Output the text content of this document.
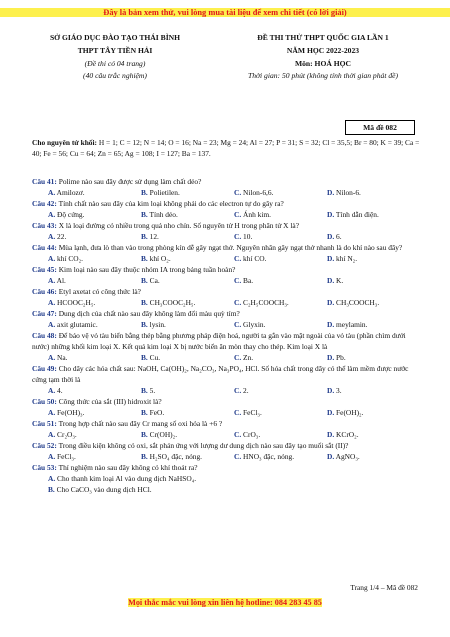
Đây là bản xem thử, vui lòng mua tài liệu để xem chi tiết (có lời giải)
SỞ GIÁO DỤC ĐÀO TẠO THÁI BÌNH
THPT TÂY TIỀN HẢI
(Đề thi có 04 trang)
(40 câu trắc nghiệm)
ĐỀ THI THỬ THPT QUỐC GIA LẦN 1
NĂM HỌC 2022-2023
Môn: HOÁ HỌC
Thời gian: 50 phút (không tính thời gian phát đề)
Mã đề 082
Cho nguyên tử khối: H = 1; C = 12; N = 14; O = 16; Na = 23; Mg = 24; Al = 27; P = 31; S = 32; Cl = 35,5; Br = 80; K = 39; Ca = 40; Fe = 56; Cu = 64; Zn = 65; Ag = 108; I = 127; Ba = 137.
Câu 41: Polime nào sau đây được sử dụng làm chất dẻo?
A. Amilozơ.	B. Polietilen.	C. Nilon-6,6.	D. Nilon-6.
Câu 42: Tính chất nào sau đây của kim loại không phải do các electron tự do gây ra?
A. Độ cứng.	B. Tính dẻo.	C. Ánh kim.	D. Tính dẫn điện.
Câu 43: X là loại đường có nhiều trong quả nho chín. Số nguyên tử H trong phân tử X là?
A. 22.	B. 12.	C. 10.	D. 6.
Câu 44: Mùa lạnh, đưa lò than vào trong phòng kín dễ gây ngạt thở. Nguyên nhân gây ngạt thở nhanh là do khí nào sau đây?
A. khí CO₂.	B. khí O₂.	C. khí CO.	D. khí N₂.
Câu 45: Kim loại nào sau đây thuộc nhóm IA trong bảng tuần hoàn?
A. Al.	B. Ca.	C. Ba.	D. K.
Câu 46: Etyl axetat có công thức là?
A. HCOOC₂H₅.	B. CH₃COOC₂H₅.	C. C₂H₅COOCH₃.	D. CH₃COOCH₃.
Câu 47: Dung dịch của chất nào sau đây không làm đổi màu quỳ tím?
A. axit glutamic.	B. lysin.	C. Glyxin.	D. meylamin.
Câu 48: Để bảo vệ vỏ tàu biển bằng thép bằng phương pháp điện hoá, người ta gắn vào mặt ngoài của vỏ tàu (phần chìm dưới nước) những khối kim loại X. Kết quả kim loại X bị nước biển ăn mòn thay cho thép. Kim loại X là
A. Na.	B. Cu.	C. Zn.	D. Pb.
Câu 49: Cho dãy các hóa chất sau: NaOH, Ca(OH)₂, Na₂CO₃, Na₃PO₄, HCl. Số hóa chất trong dãy có thể làm mềm được nước cứng tạm thời là
A. 4.	B. 5.	C. 2.	D. 3.
Câu 50: Công thức của sắt (III) hidroxit là?
A. Fe(OH)₃.	B. FeO.	C. FeCl₃.	D. Fe(OH)₂.
Câu 51: Trong hợp chất nào sau đây Cr mang số oxi hóa là +6 ?
A. Cr₂O₃.	B. Cr(OH)₂.	C. CrO₃.	D. KCrO₂.
Câu 52: Trong điều kiện không có oxi, sắt phản ứng với lượng dư dung dịch nào sau đây tạo muối sắt (II)?
A. FeCl₃.	B. H₂SO₄ đặc, nóng.	C. HNO₃ đặc, nóng.	D. AgNO₃.
Câu 53: Thí nghiệm nào sau đây không có khí thoát ra?
A. Cho thanh kim loại Al vào dung dịch NaHSO₄.
B. Cho CaCO₃ vào dung dịch HCl.
Trang 1/4 – Mã đề 082
Mọi thắc mắc vui lòng xin liên hệ hotline: 084 283 45 85
